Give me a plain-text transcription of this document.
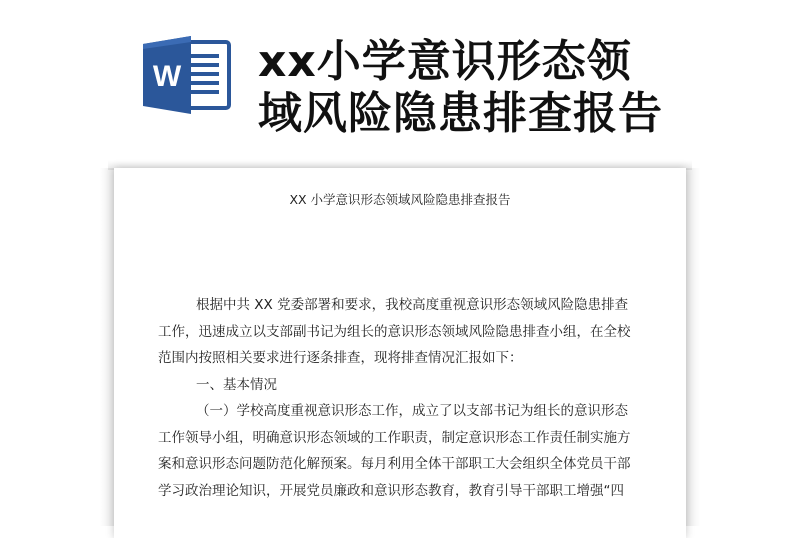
W xx小学意识形态领
域风险隐患排查报告
XX 小学意识形态领域风险隐患排查报告
根据中共 XX 党委部署和要求，我校高度重视意识形态领域风险隐患排查
工作，迅速成立以支部副书记为组长的意识形态领域风险隐患排查小组，在全校
范围内按照相关要求进行逐条排查，现将排查情况汇报如下：
一、基本情况
（一）学校高度重视意识形态工作，成立了以支部书记为组长的意识形态
工作领导小组，明确意识形态领域的工作职责，制定意识形态工作责任制实施方
案和意识形态问题防范化解预案。每月利用全体干部职工大会组织全体党员干部
学习政治理论知识，开展党员廉政和意识形态教育，教育引导干部职工增强“四
